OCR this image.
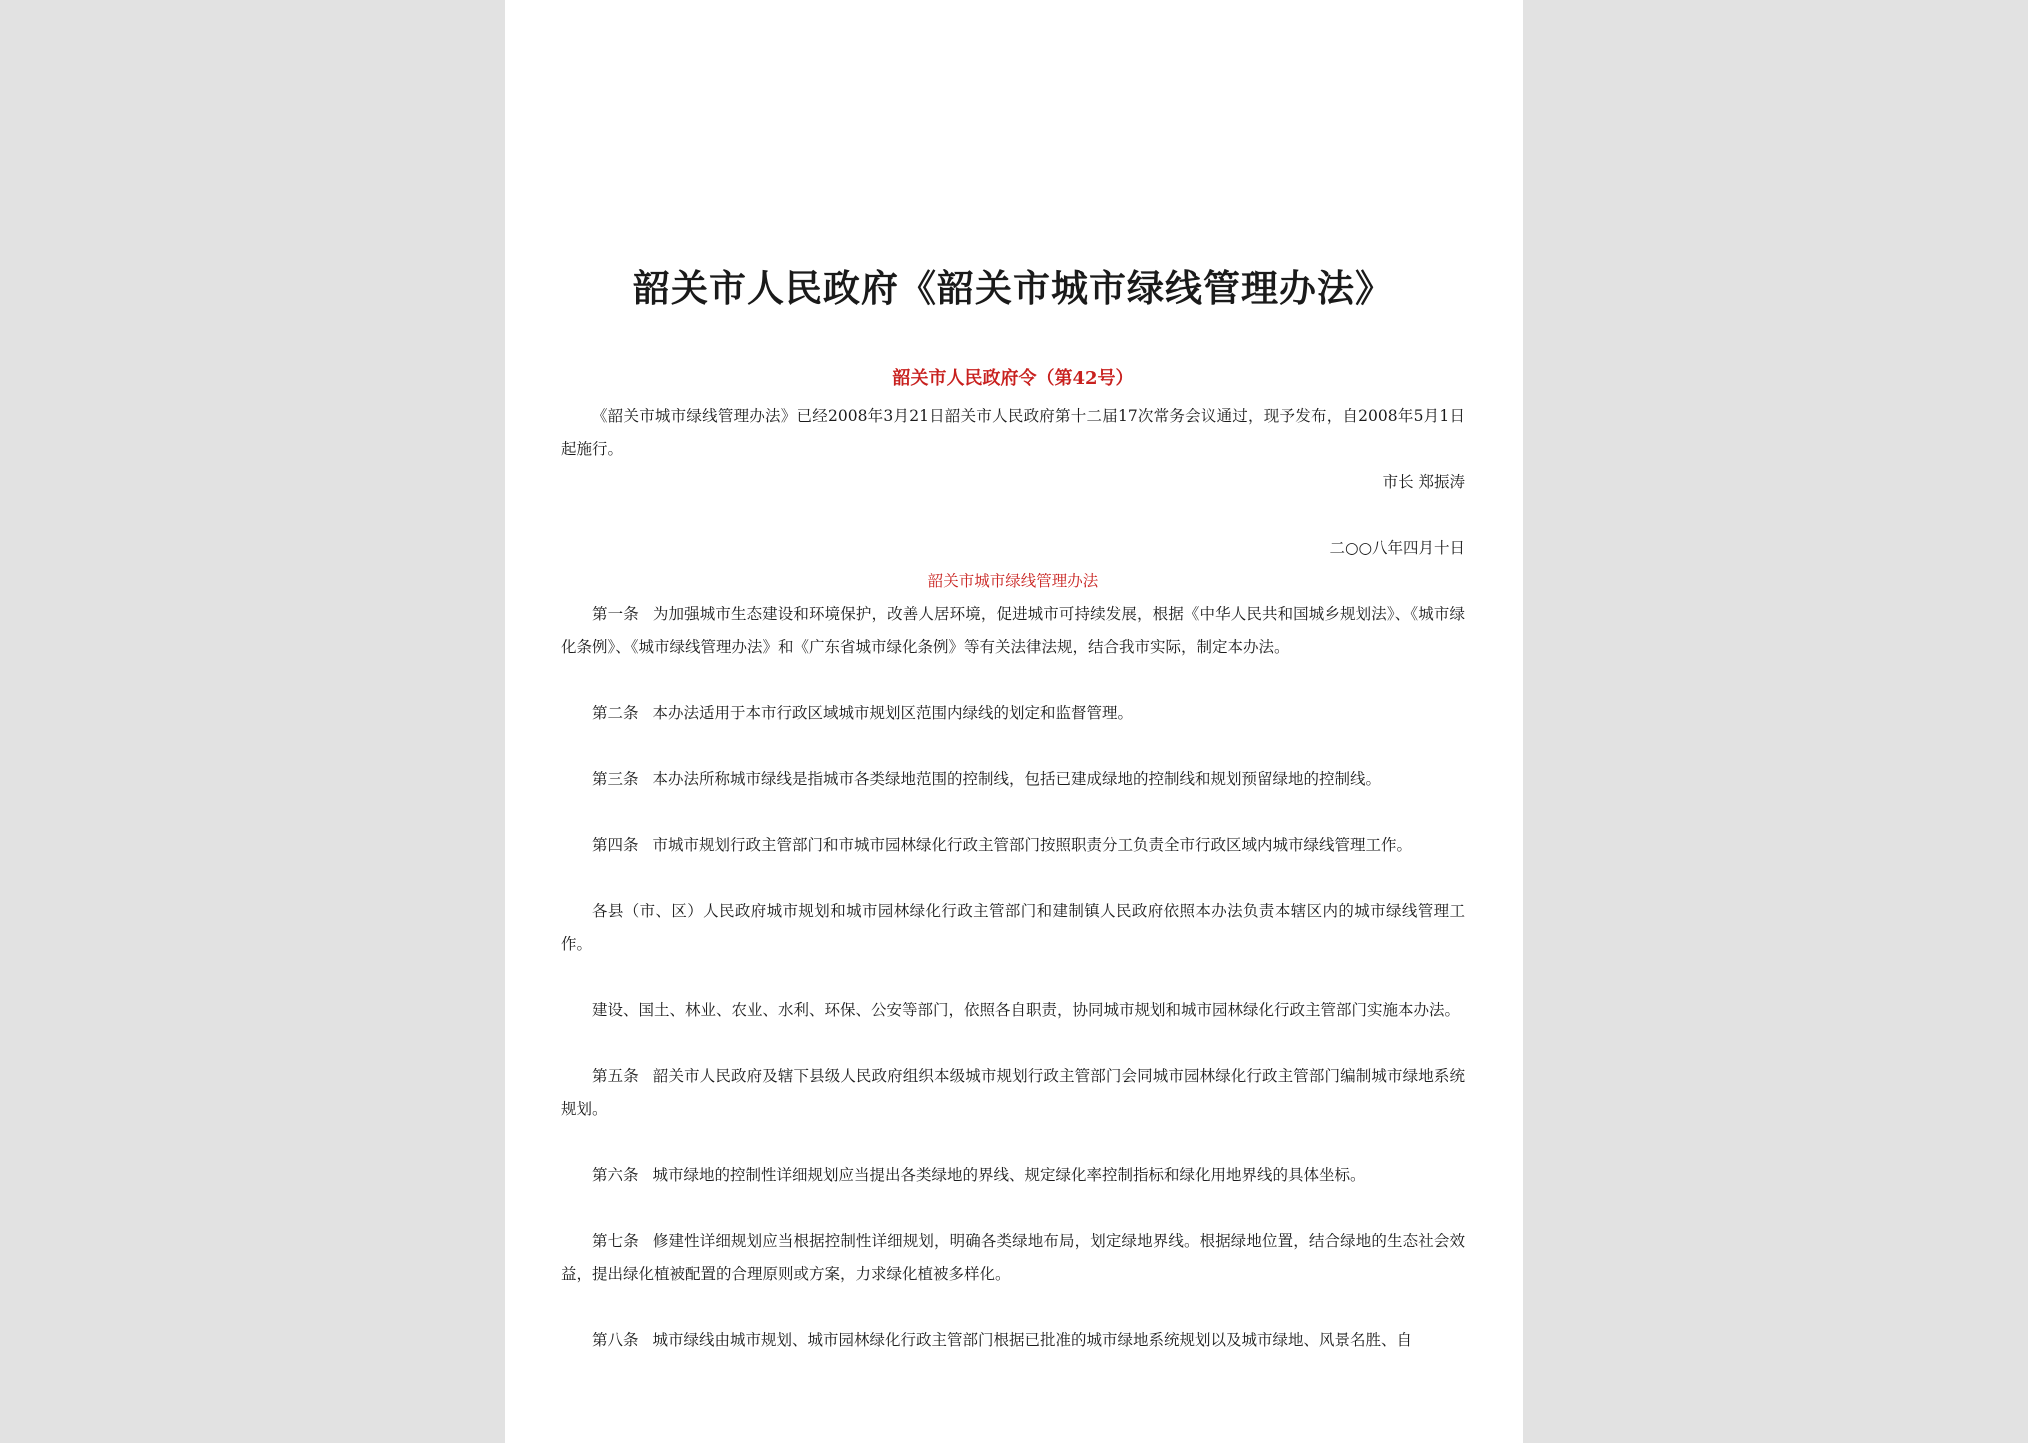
韶关市人民政府《韶关市城市绿线管理办法》
韶关市人民政府令（第42号）

《韶关市城市绿线管理办法》已经2008年3月21日韶关市人民政府第十二届17次常务会议通过，现予发布，自2008年5月1日起施行。

市长 郑振涛

二○○八年四月十日

韶关市城市绿线管理办法

第一条 为加强城市生态建设和环境保护，改善人居环境，促进城市可持续发展，根据《中华人民共和国城乡规划法》、《城市绿化条例》、《城市绿线管理办法》和《广东省城市绿化条例》等有关法律法规，结合我市实际，制定本办法。

第二条 本办法适用于本市行政区域城市规划区范围内绿线的划定和监督管理。

第三条 本办法所称城市绿线是指城市各类绿地范围的控制线，包括已建成绿地的控制线和规划预留绿地的控制线。

第四条 市城市规划行政主管部门和市城市园林绿化行政主管部门按照职责分工负责全市行政区域内城市绿线管理工作。

各县（市、区）人民政府城市规划和城市园林绿化行政主管部门和建制镇人民政府依照本办法负责本辖区内的城市绿线管理工作。

建设、国土、林业、农业、水利、环保、公安等部门，依照各自职责，协同城市规划和城市园林绿化行政主管部门实施本办法。

第五条 韶关市人民政府及辖下县级人民政府组织本级城市规划行政主管部门会同城市园林绿化行政主管部门编制城市绿地系统规划。

第六条 城市绿地的控制性详细规划应当提出各类绿地的界线、规定绿化率控制指标和绿化用地界线的具体坐标。

第七条 修建性详细规划应当根据控制性详细规划，明确各类绿地布局，划定绿地界线。根据绿地位置，结合绿地的生态社会效益，提出绿化植被配置的合理原则或方案，力求绿化植被多样化。

第八条 城市绿线由城市规划、城市园林绿化行政主管部门根据已批准的城市绿地系统规划以及城市绿地、风景名胜、自
